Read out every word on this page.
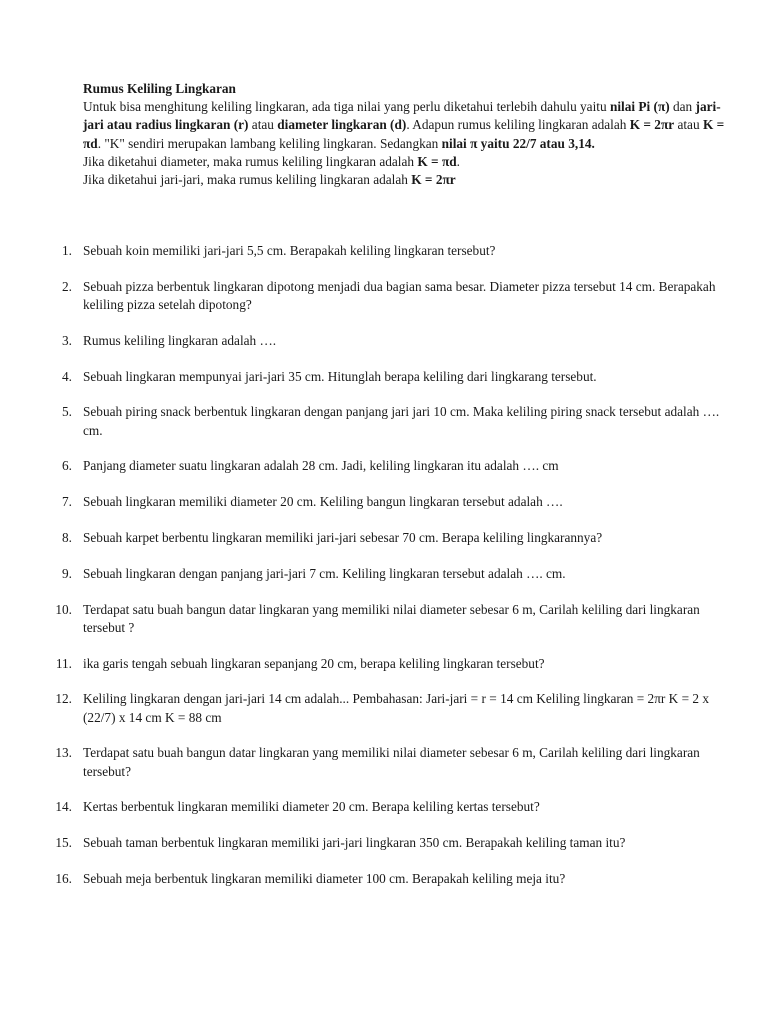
Rumus Keliling Lingkaran

Untuk bisa menghitung keliling lingkaran, ada tiga nilai yang perlu diketahui terlebih dahulu yaitu nilai Pi (π) dan jari-jari atau radius lingkaran (r) atau diameter lingkaran (d). Adapun rumus keliling lingkaran adalah K = 2πr atau K = πd. "K" sendiri merupakan lambang keliling lingkaran. Sedangkan nilai π yaitu 22/7 atau 3,14.

Jika diketahui diameter, maka rumus keliling lingkaran adalah K = πd.

Jika diketahui jari-jari, maka rumus keliling lingkaran adalah K = 2πr

1. Sebuah koin memiliki jari-jari 5,5 cm. Berapakah keliling lingkaran tersebut?
2. Sebuah pizza berbentuk lingkaran dipotong menjadi dua bagian sama besar. Diameter pizza tersebut 14 cm. Berapakah keliling pizza setelah dipotong?
3. Rumus keliling lingkaran adalah ….
4. Sebuah lingkaran mempunyai jari-jari 35 cm. Hitunglah berapa keliling dari lingkarang tersebut.
5. Sebuah piring snack berbentuk lingkaran dengan panjang jari jari 10 cm. Maka keliling piring snack tersebut adalah …. cm.
6. Panjang diameter suatu lingkaran adalah 28 cm. Jadi, keliling lingkaran itu adalah …. cm
7. Sebuah lingkaran memiliki diameter 20 cm. Keliling bangun lingkaran tersebut adalah ….
8. Sebuah karpet berbentu lingkaran memiliki jari-jari sebesar 70 cm. Berapa keliling lingkarannya?
9. Sebuah lingkaran dengan panjang jari-jari 7 cm. Keliling lingkaran tersebut adalah …. cm.
10. Terdapat satu buah bangun datar lingkaran yang memiliki nilai diameter sebesar 6 m, Carilah keliling dari lingkaran tersebut ?
11. ika garis tengah sebuah lingkaran sepanjang 20 cm, berapa keliling lingkaran tersebut?
12. Keliling lingkaran dengan jari-jari 14 cm adalah... Pembahasan: Jari-jari = r = 14 cm Keliling lingkaran = 2πr K = 2 x (22/7) x 14 cm K = 88 cm
13. Terdapat satu buah bangun datar lingkaran yang memiliki nilai diameter sebesar 6 m, Carilah keliling dari lingkaran tersebut?
14. Kertas berbentuk lingkaran memiliki diameter 20 cm. Berapa keliling kertas tersebut?
15. Sebuah taman berbentuk lingkaran memiliki jari-jari lingkaran 350 cm. Berapakah keliling taman itu?
16. Sebuah meja berbentuk lingkaran memiliki diameter 100 cm. Berapakah keliling meja itu?
